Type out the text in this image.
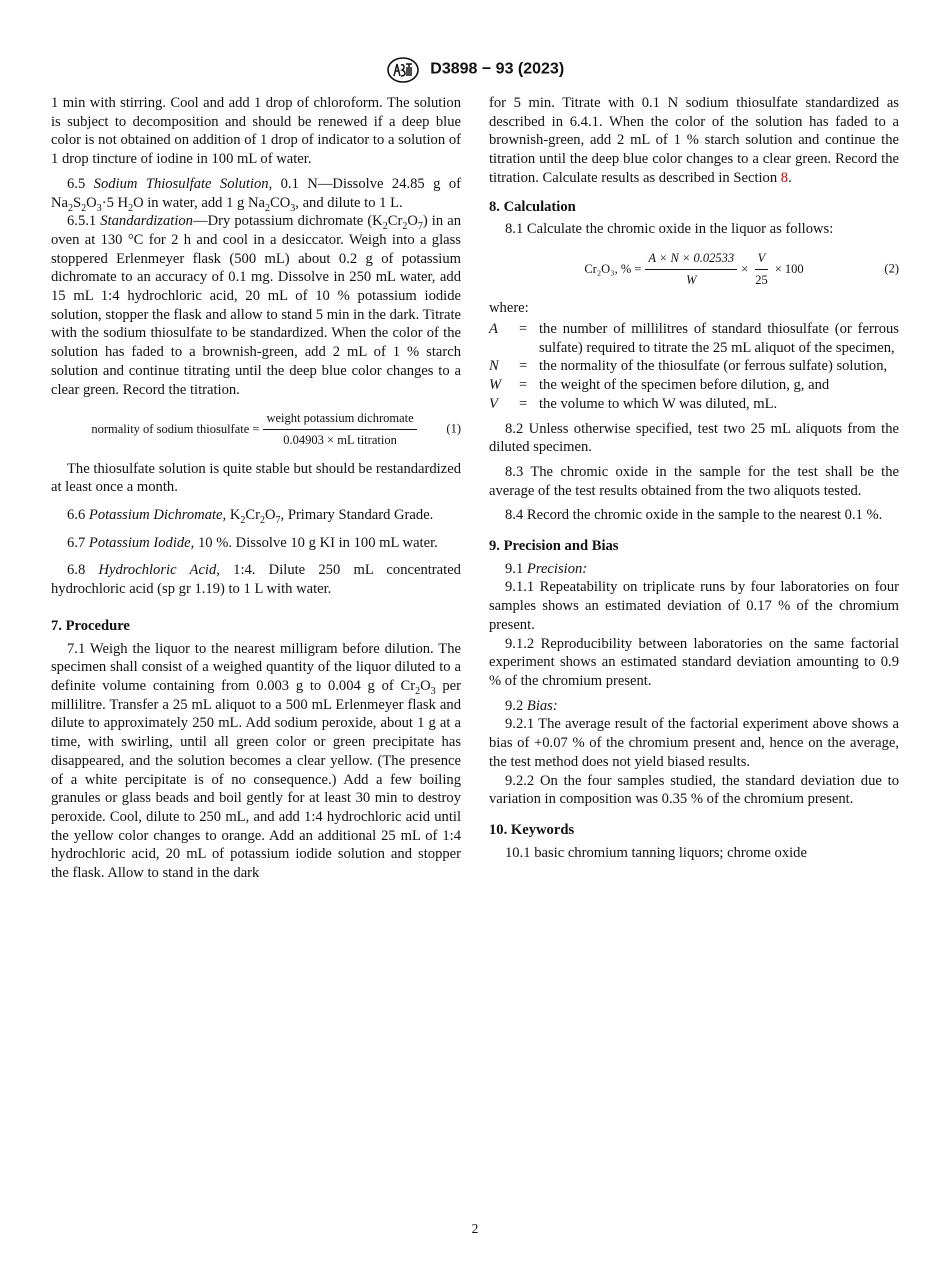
D3898 − 93 (2023)

1 min with stirring. Cool and add 1 drop of chloroform. The solution is subject to decomposition and should be renewed if a deep blue color is not obtained on addition of 1 drop of indicator to a solution of 1 drop tincture of iodine in 100 mL of water.

6.5 Sodium Thiosulfate Solution, 0.1 N—Dissolve 24.85 g of $Na_2S_2O_3\cdot 5$ $H_2O$ in water, add 1 g $Na_2CO_3$, and dilute to 1 L.

6.5.1 Standardization—Dry potassium dichromate $(K_2Cr_2O_7)$ in an oven at 130 °C for 2 h and cool in a desiccator. Weigh into a glass stoppered Erlenmeyer flask (500 mL) about 0.2 g of potassium dichromate to an accuracy of 0.1 mg. Dissolve in 250 mL water, add 15 mL 1:4 hydrochloric acid, 20 mL of 10 % potassium iodide solution, stopper the flask and allow to stand 5 min in the dark. Titrate with the sodium thiosulfate to be standardized. When the color of the solution has faded to a brownish-green, add 2 mL of 1 % starch solution and continue titrating until the deep blue color changes to a clear green. Record the titration.

normality of sodium thiosulfate = $\frac{\text{weight potassium dichromate}}{\text{0.04903 × mL titration}} (1)$

The thiosulfate solution is quite stable but should be restandardized at least once a month.

6.6 Potassium Dichromate, $K_2Cr_2O_7$, Primary Standard Grade.

6.7 Potassium Iodide, 10 %. Dissolve 10 g KI in 100 mL water.

6.8 Hydrochloric Acid, 1:4. Dilute 250 mL concentrated hydrochloric acid (sp gr 1.19) to 1 L with water.

7. Procedure

7.1 Weigh the liquor to the nearest milligram before dilution. The specimen shall consist of a weighed quantity of the liquor diluted to a definite volume containing from 0.003 g to 0.004 g of $Cr_2O_3$ per millilitre. Transfer a 25 mL aliquot to a 500 mL Erlenmeyer flask and dilute to approximately 250 mL. Add sodium peroxide, about 1 g at a time, with swirling, until all green color or green precipitate has disappeared, and the solution becomes a clear yellow. (The presence of a white percipitate is of no consequence.) Add a few boiling granules or glass beads and boil gently for at least 30 min to destroy peroxide. Cool, dilute to 250 mL, and add 1:4 hydrochloric acid until the yellow color changes to orange. Add an additional 25 mL of 1:4 hydrochloric acid, 20 mL of potassium iodide solution and stopper the flask. Allow to stand in the dark

for 5 min. Titrate with 0.1 N sodium thiosulfate standardized as described in 6.4.1. When the color of the solution has faded to a brownish-green, add 2 mL of 1 % starch solution and continue the titration until the deep blue color changes to a clear green. Record the titration. Calculate results as described in Section 8.

8. Calculation

8.1 Calculate the chromic oxide in the liquor as follows:

Cr₂O₃, % = $\frac{A \times N \times 0.02533}{W} \times \frac{V}{25} \times 100$	(2)

where:

A	= the number of millilitres of standard thiosulfate (or ferrous sulfate) required to titrate the 25 mL aliquot of the specimen,
N	= the normality of the thiosulfate (or ferrous sulfate) solution,
W	= the weight of the specimen before dilution, g, and
V	= the volume to which W was diluted, mL.

8.2 Unless otherwise specified, test two 25 mL aliquots from the diluted specimen.

8.3 The chromic oxide in the sample for the test shall be the average of the test results obtained from the two aliquots tested.

8.4 Record the chromic oxide in the sample to the nearest 0.1 %.

9. Precision and Bias

9.1 Precision:

9.1.1 Repeatability on triplicate runs by four laboratories on four samples shows an estimated deviation of 0.17 % of the chromium present.

9.1.2 Reproducibility between laboratories on the same factorial experiment shows an estimated standard deviation amounting to 0.9 % of the chromium present.

9.2 Bias:

9.2.1 The average result of the factorial experiment above shows a bias of +0.07 % of the chromium present and, hence on the average, the test method does not yield biased results.

9.2.2 On the four samples studied, the standard deviation due to variation in composition was 0.35 % of the chromium present.

10. Keywords

10.1 basic chromium tanning liquors; chrome oxide

2
